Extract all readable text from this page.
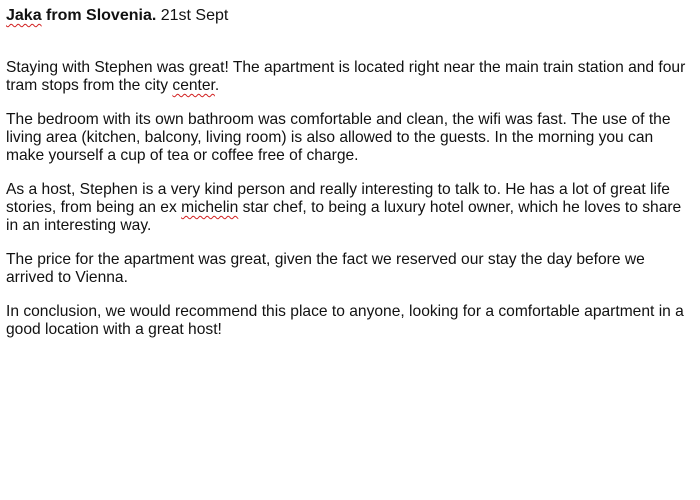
Jaka from Slovenia. 21st Sept

Staying with Stephen was great! The apartment is located right near the main train station and four tram stops from the city center.

The bedroom with its own bathroom was comfortable and clean, the wifi was fast. The use of the living area (kitchen, balcony, living room) is also allowed to the guests. In the morning you can make yourself a cup of tea or coffee free of charge.

As a host, Stephen is a very kind person and really interesting to talk to. He has a lot of great life stories, from being an ex michelin star chef, to being a luxury hotel owner, which he loves to share in an interesting way.

The price for the apartment was great, given the fact we reserved our stay the day before we arrived to Vienna.

In conclusion, we would recommend this place to anyone, looking for a comfortable apartment in a good location with a great host!
